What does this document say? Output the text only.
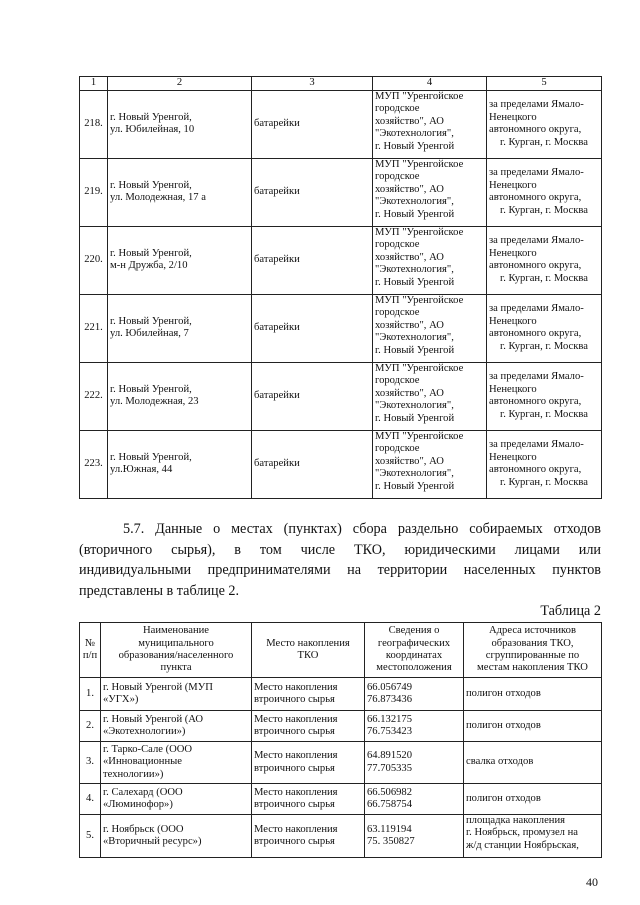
1	2	3	4	5
218.	г. Новый Уренгой,
ул. Юбилейная, 10	батарейки	МУП "Уренгойское
городское
хозяйство", АО
"Экотехнология",
г. Новый Уренгой	за пределами Ямало-
Ненецкого
автономного округа,
г. Курган, г. Москва

219.	г. Новый Уренгой,
ул. Молодежная, 17 а	батарейки	МУП "Уренгойское
городское
хозяйство", АО
"Экотехнология",
г. Новый Уренгой	за пределами Ямало-
Ненецкого
автономного округа,
г. Курган, г. Москва

220.	г. Новый Уренгой,
м-н Дружба, 2/10	батарейки	МУП "Уренгойское
городское
хозяйство", АО
"Экотехнология",
г. Новый Уренгой	за пределами Ямало-
Ненецкого
автономного округа,
г. Курган, г. Москва

221.	г. Новый Уренгой,
ул. Юбилейная, 7	батарейки	МУП "Уренгойское
городское
хозяйство", АО
"Экотехнология",
г. Новый Уренгой	за пределами Ямало-
Ненецкого
автономного округа,
г. Курган, г. Москва

222.	г. Новый Уренгой,
ул. Молодежная, 23	батарейки	МУП "Уренгойское
городское
хозяйство", АО
"Экотехнология",
г. Новый Уренгой	за пределами Ямало-
Ненецкого
автономного округа,
г. Курган, г. Москва

223.	г. Новый Уренгой,
ул.Южная, 44	батарейки	МУП "Уренгойское
городское
хозяйство", АО
"Экотехнология",
г. Новый Уренгой	за пределами Ямало-
Ненецкого
автономного округа,
г. Курган, г. Москва
5.7. Данные о местах (пунктах) сбора раздельно собираемых отходов
(вторичного сырья), в том числе ТКО, юридическими лицами или
индивидуальными предпринимателями на территории населенных пунктов
представлены в таблице 2.
Таблица 2
№
п/п	Наименование
муниципального
образования/населенного
пункта	Место накопления
ТКО	Сведения о
географических
координатах
местоположения	Адреса источников
образования ТКО,
сгруппированные по
местам накопления ТКО

1.	г. Новый Уренгой (МУП
«УГХ»)	Место накопления
втроичного сырья	66.056749
76.873436	полигон отходов

2.	г. Новый Уренгой (АО
«Экотехнологии»)	Место накопления
втроичного сырья	66.132175
76.753423	полигон отходов

3.	г. Тарко-Сале (ООО
«Инновационные
технологии»)	Место накопления
втроичного сырья	64.891520
77.705335	свалка отходов

4.	г. Салехард (ООО
«Люминофор»)	Место накопления
втроичного сырья	66.506982
66.758754	полигон отходов

5.	г. Ноябрьск (ООО
«Вторичный ресурс»)	Место накопления
втроичного сырья	63.119194
75. 350827	площадка накопления
г. Ноябрьск, промузел на
ж/д станции Ноябрьская,
40
